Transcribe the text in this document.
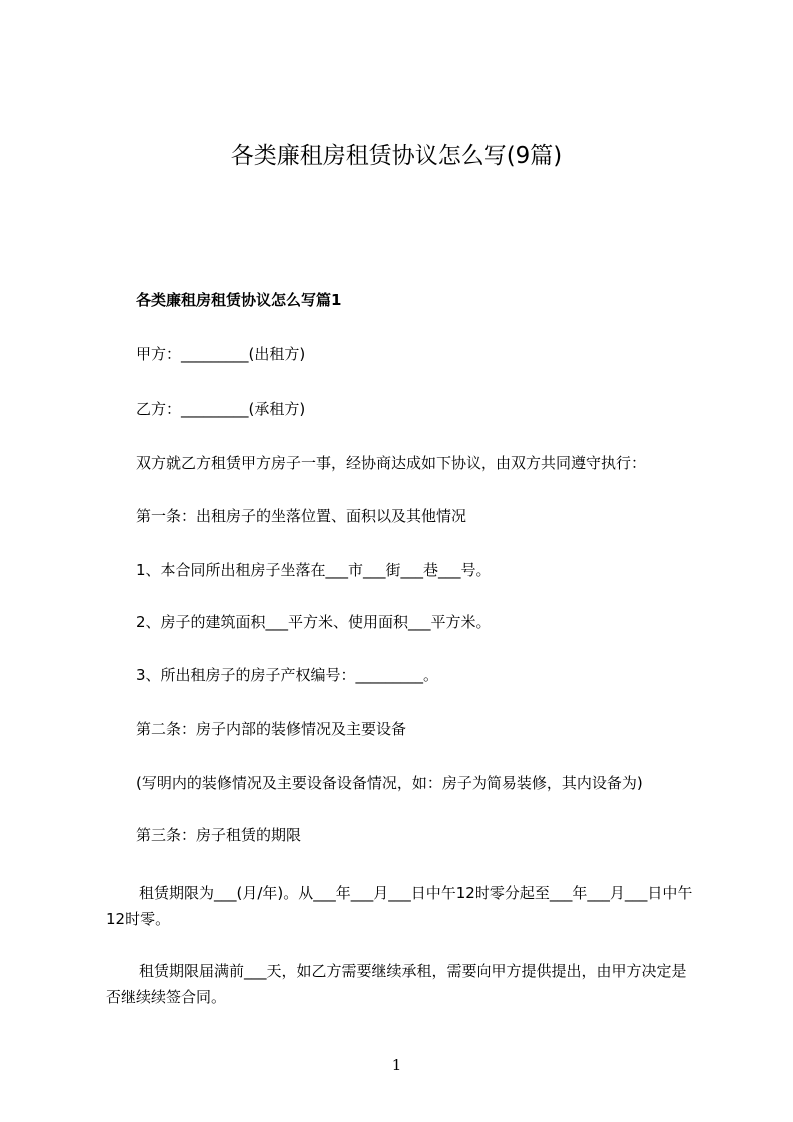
各类廉租房租赁协议怎么写(9篇)
各类廉租房租赁协议怎么写篇1
甲方：_________(出租方)
乙方：_________(承租方)
双方就乙方租赁甲方房子一事，经协商达成如下协议，由双方共同遵守执行：
第一条：出租房子的坐落位置、面积以及其他情况
1、本合同所出租房子坐落在___市___街___巷___号。
2、房子的建筑面积___平方米、使用面积___平方米。
3、所出租房子的房子产权编号：_________。
第二条：房子内部的装修情况及主要设备
(写明内的装修情况及主要设备设备情况，如：房子为简易装修，其内设备为)
第三条：房子租赁的期限
租赁期限为___(月/年)。从___年___月___日中午12时零分起至___年___月___日中午12时零。
租赁期限届满前___天，如乙方需要继续承租，需要向甲方提供提出，由甲方决定是否继续续签合同。
1
